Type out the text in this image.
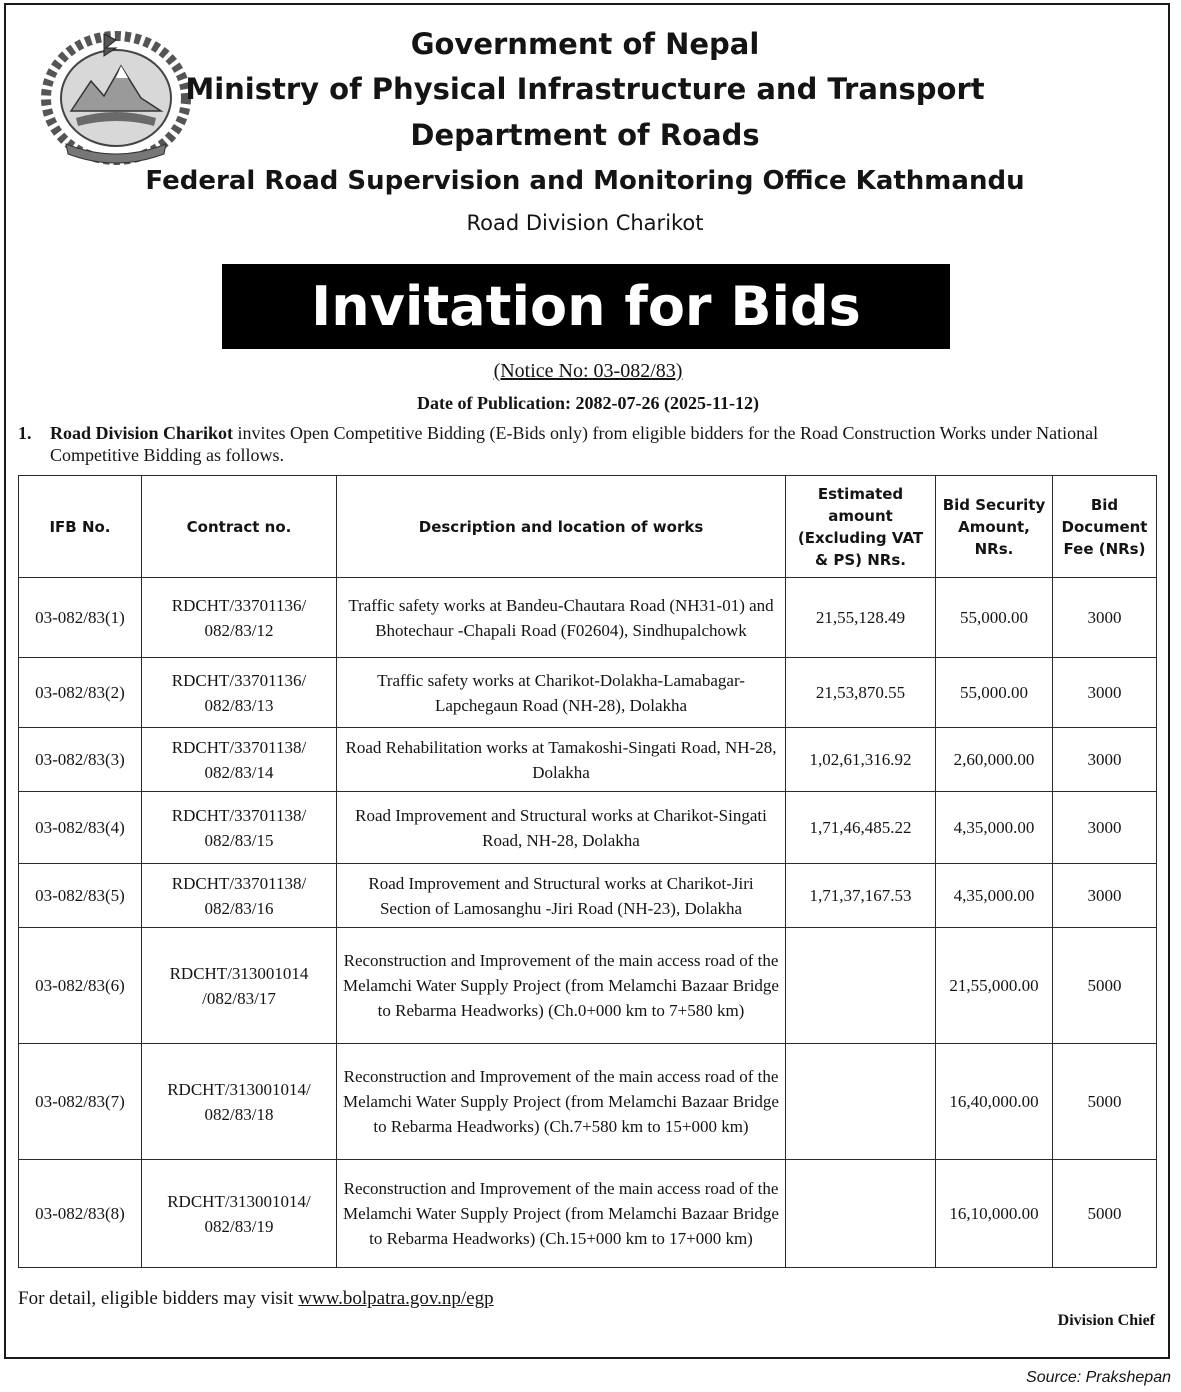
Government of Nepal
Ministry of Physical Infrastructure and Transport
Department of Roads
Federal Road Supervision and Monitoring Office Kathmandu
Road Division Charikot
Invitation for Bids
(Notice No: 03-082/83)
Date of Publication: 2082-07-26 (2025-11-12)
1. Road Division Charikot invites Open Competitive Bidding (E-Bids only) from eligible bidders for the Road Construction Works under National Competitive Bidding as follows.
IFB No.	Contract no.	Description and location of works	Estimated amount (Excluding VAT & PS) NRs.	Bid Security Amount, NRs.	Bid Document Fee (NRs)
03-082/83(1)	RDCHT/33701136/ 082/83/12	Traffic safety works at Bandeu-Chautara Road (NH31-01) and Bhotechaur -Chapali Road (F02604), Sindhupalchowk	21,55,128.49	55,000.00	3000
03-082/83(2)	RDCHT/33701136/ 082/83/13	Traffic safety works at Charikot-Dolakha-Lamabagar-Lapchegaun Road (NH-28), Dolakha	21,53,870.55	55,000.00	3000
03-082/83(3)	RDCHT/33701138/ 082/83/14	Road Rehabilitation works at Tamakoshi-Singati Road, NH-28, Dolakha	1,02,61,316.92	2,60,000.00	3000
03-082/83(4)	RDCHT/33701138/ 082/83/15	Road Improvement and Structural works at Charikot-Singati Road, NH-28, Dolakha	1,71,46,485.22	4,35,000.00	3000
03-082/83(5)	RDCHT/33701138/ 082/83/16	Road Improvement and Structural works at Charikot-Jiri Section of Lamosanghu -Jiri Road (NH-23), Dolakha	1,71,37,167.53	4,35,000.00	3000
03-082/83(6)	RDCHT/313001014 /082/83/17	Reconstruction and Improvement of the main access road of the Melamchi Water Supply Project (from Melamchi Bazaar Bridge to Rebarma Headworks) (Ch.0+000 km to 7+580 km)		21,55,000.00	5000
03-082/83(7)	RDCHT/313001014/ 082/83/18	Reconstruction and Improvement of the main access road of the Melamchi Water Supply Project (from Melamchi Bazaar Bridge to Rebarma Headworks) (Ch.7+580 km to 15+000 km)		16,40,000.00	5000
03-082/83(8)	RDCHT/313001014/ 082/83/19	Reconstruction and Improvement of the main access road of the Melamchi Water Supply Project (from Melamchi Bazaar Bridge to Rebarma Headworks) (Ch.15+000 km to 17+000 km)		16,10,000.00	5000
For detail, eligible bidders may visit www.bolpatra.gov.np/egp
Division Chief
Source: Prakshepan
